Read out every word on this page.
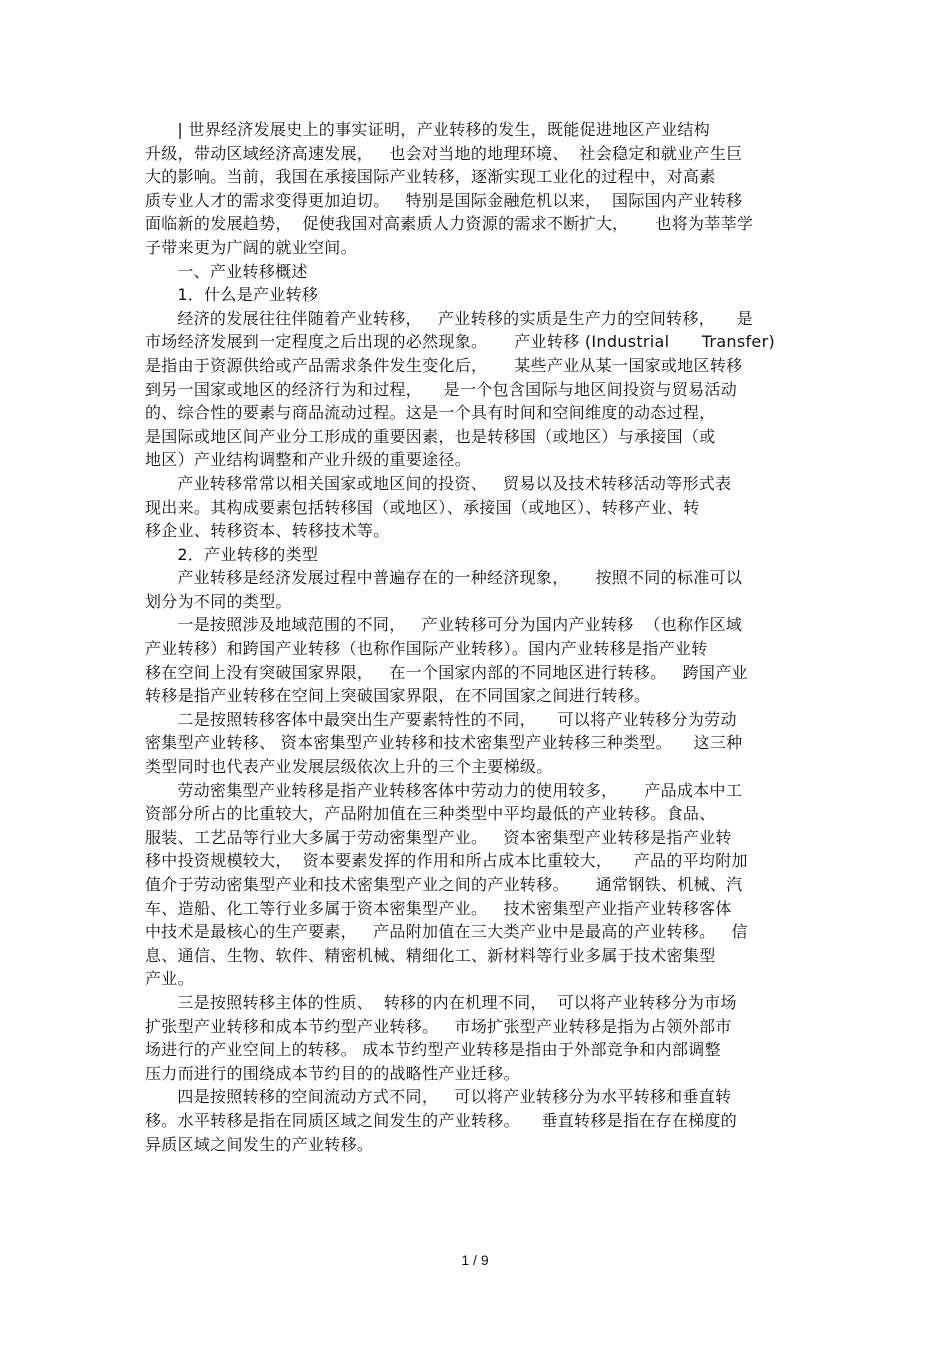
| 世界经济发展史上的事实证明，产业转移的发生，既能促进地区产业结构
升级，带动区域经济高速发展，   也会对当地的地理环境、  社会稳定和就业产生巨
大的影响。当前，我国在承接国际产业转移，逐渐实现工业化的过程中，对高素
质专业人才的需求变得更加迫切。   特别是国际金融危机以来，  国际国内产业转移
面临新的发展趋势，  促使我国对高素质人力资源的需求不断扩大，     也将为莘莘学
子带来更为广阔的就业空间。
一、产业转移概述
1．什么是产业转移
经济的发展往往伴随着产业转移，   产业转移的实质是生产力的空间转移，    是
市场经济发展到一定程度之后出现的必然现象。     产业转移 (Industrial      Transfer)
是指由于资源供给或产品需求条件发生变化后，     某些产业从某一国家或地区转移
到另一国家或地区的经济行为和过程，    是一个包含国际与地区间投资与贸易活动
的、综合性的要素与商品流动过程。这是一个具有时间和空间维度的动态过程，
是国际或地区间产业分工形成的重要因素，也是转移国（或地区）与承接国（或
地区）产业结构调整和产业升级的重要途径。
产业转移常常以相关国家或地区间的投资、   贸易以及技术转移活动等形式表
现出来。其构成要素包括转移国（或地区）、承接国（或地区）、转移产业、转
移企业、转移资本、转移技术等。
2．产业转移的类型
产业转移是经济发展过程中普遍存在的一种经济现象，     按照不同的标准可以
划分为不同的类型。
一是按照涉及地域范围的不同，   产业转移可分为国内产业转移  （也称作区域
产业转移）和跨国产业转移（也称作国际产业转移）。国内产业转移是指产业转
移在空间上没有突破国家界限，   在一个国家内部的不同地区进行转移。   跨国产业
转移是指产业转移在空间上突破国家界限，在不同国家之间进行转移。
二是按照转移客体中最突出生产要素特性的不同，    可以将产业转移分为劳动
密集型产业转移、 资本密集型产业转移和技术密集型产业转移三种类型。    这三种
类型同时也代表产业发展层级依次上升的三个主要梯级。
劳动密集型产业转移是指产业转移客体中劳动力的使用较多，     产品成本中工
资部分所占的比重较大，产品附加值在三种类型中平均最低的产业转移。食品、
服装、工艺品等行业大多属于劳动密集型产业。   资本密集型产业转移是指产业转
移中投资规模较大，  资本要素发挥的作用和所占成本比重较大，    产品的平均附加
值介于劳动密集型产业和技术密集型产业之间的产业转移。     通常钢铁、机械、汽
车、造船、化工等行业多属于资本密集型产业。   技术密集型产业指产业转移客体
中技术是最核心的生产要素，   产品附加值在三大类产业中是最高的产业转移。   信
息、通信、生物、软件、精密机械、精细化工、新材料等行业多属于技术密集型
产业。
三是按照转移主体的性质、  转移的内在机理不同，  可以将产业转移分为市场
扩张型产业转移和成本节约型产业转移。   市场扩张型产业转移是指为占领外部市
场进行的产业空间上的转移。 成本节约型产业转移是指由于外部竞争和内部调整
压力而进行的围绕成本节约目的的战略性产业迁移。
四是按照转移的空间流动方式不同，   可以将产业转移分为水平转移和垂直转
移。水平转移是指在同质区域之间发生的产业转移。    垂直转移是指在存在梯度的
异质区域之间发生的产业转移。
1 / 9
